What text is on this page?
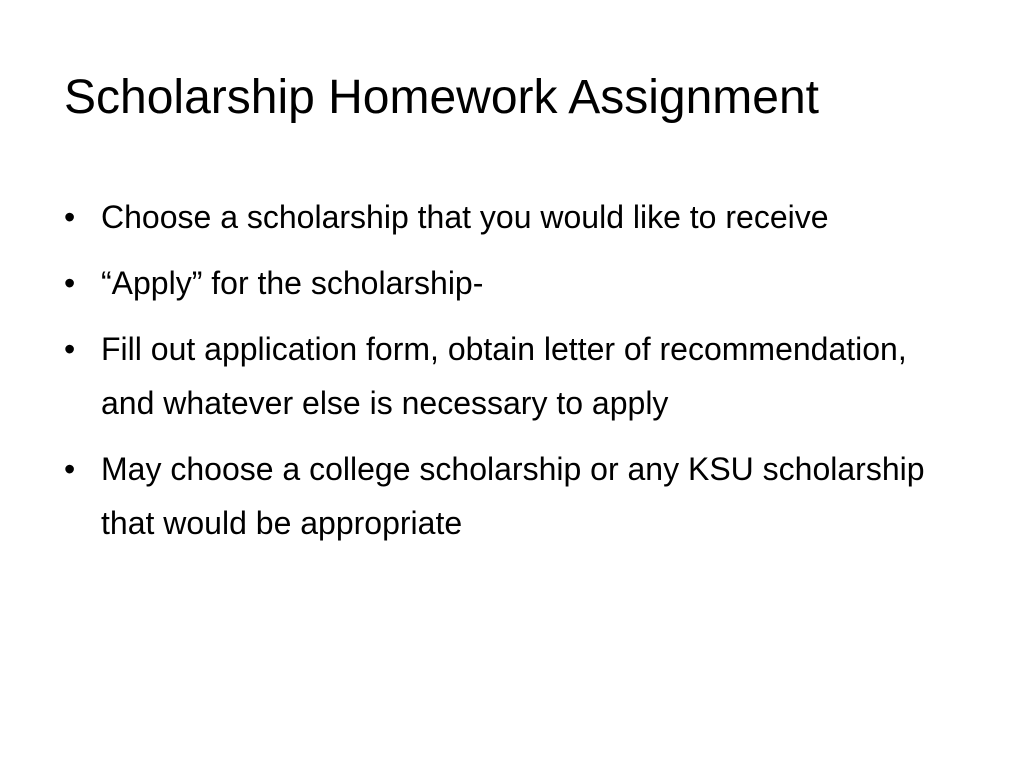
Scholarship Homework Assignment
• Choose a scholarship that you would like to receive
• “Apply” for the scholarship-
• Fill out application form, obtain letter of recommendation, and whatever else is necessary to apply
• May choose a college scholarship or any KSU scholarship that would be appropriate
